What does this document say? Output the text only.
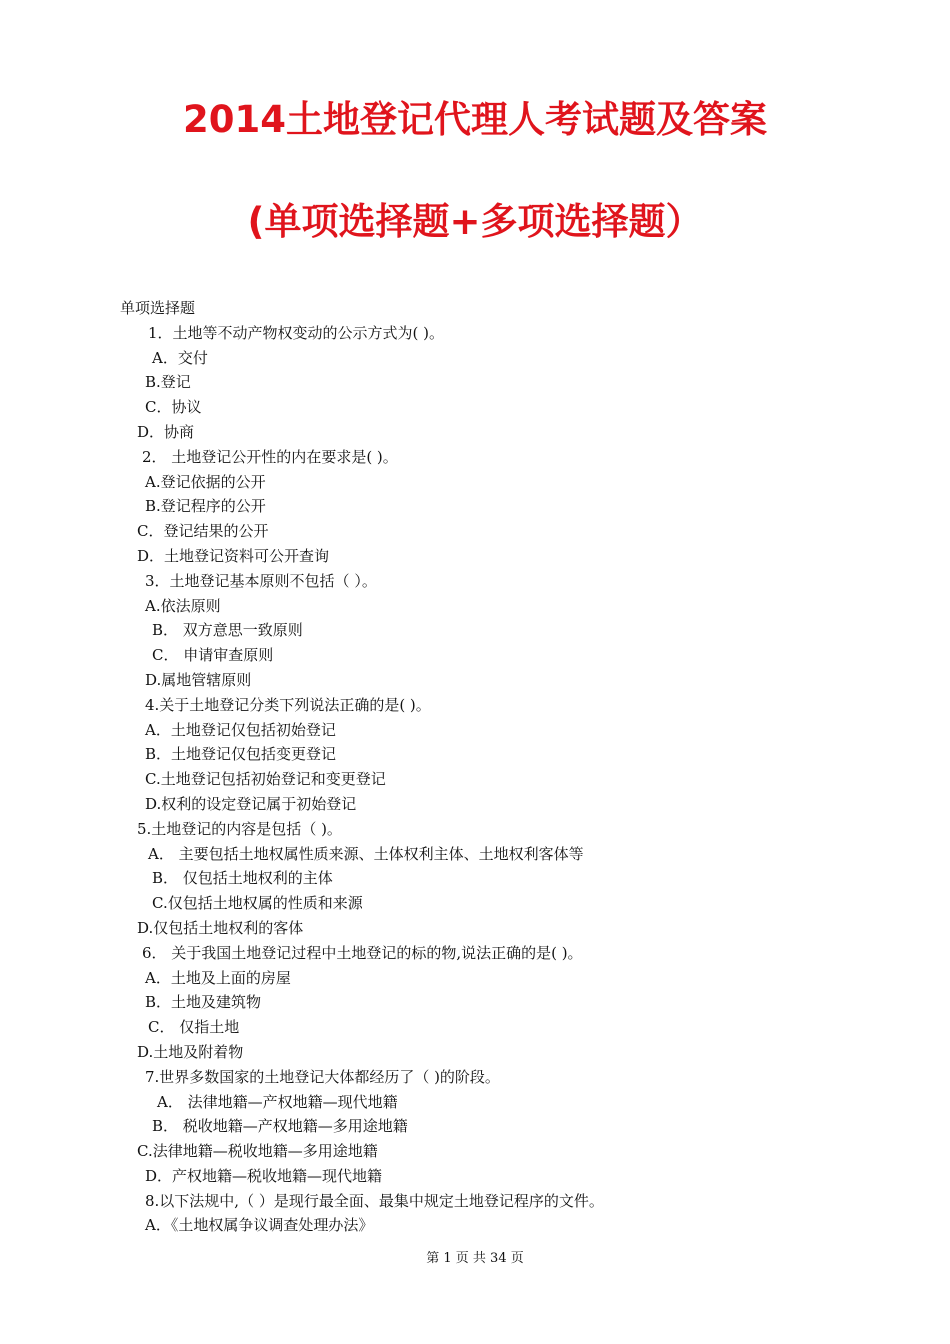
2014土地登记代理人考试题及答案
(单项选择题+多项选择题）
单项选择题
1．土地等不动产物权变动的公示方式为( )。
A．交付
B.登记
C．协议
D．协商
2． 土地登记公开性的内在要求是( )。
A.登记依据的公开
B.登记程序的公开
C．登记结果的公开
D．土地登记资料可公开查询
3．土地登记基本原则不包括（ ）。
A.依法原则
B． 双方意思一致原则
C． 申请审查原则
D.属地管辖原则
4.关于土地登记分类下列说法正确的是( )。
A．土地登记仅包括初始登记
B．土地登记仅包括变更登记
C.土地登记包括初始登记和变更登记
D.权利的设定登记属于初始登记
5.土地登记的内容是包括（ )。
A． 主要包括土地权属性质来源、土体权利主体、土地权利客体等
B． 仅包括土地权利的主体
C.仅包括土地权属的性质和来源
D.仅包括土地权利的客体
6． 关于我国土地登记过程中土地登记的标的物,说法正确的是( )。
A．土地及上面的房屋
B．土地及建筑物
C． 仅指土地
D.土地及附着物
7.世界多数国家的土地登记大体都经历了（ )的阶段。
A． 法律地籍—产权地籍—现代地籍
B． 税收地籍—产权地籍—多用途地籍
C.法律地籍—税收地籍—多用途地籍
D．产权地籍—税收地籍—现代地籍
8.以下法规中,（ ）是现行最全面、最集中规定土地登记程序的文件。
A．《土地权属争议调查处理办法》
第 1 页 共 34 页
